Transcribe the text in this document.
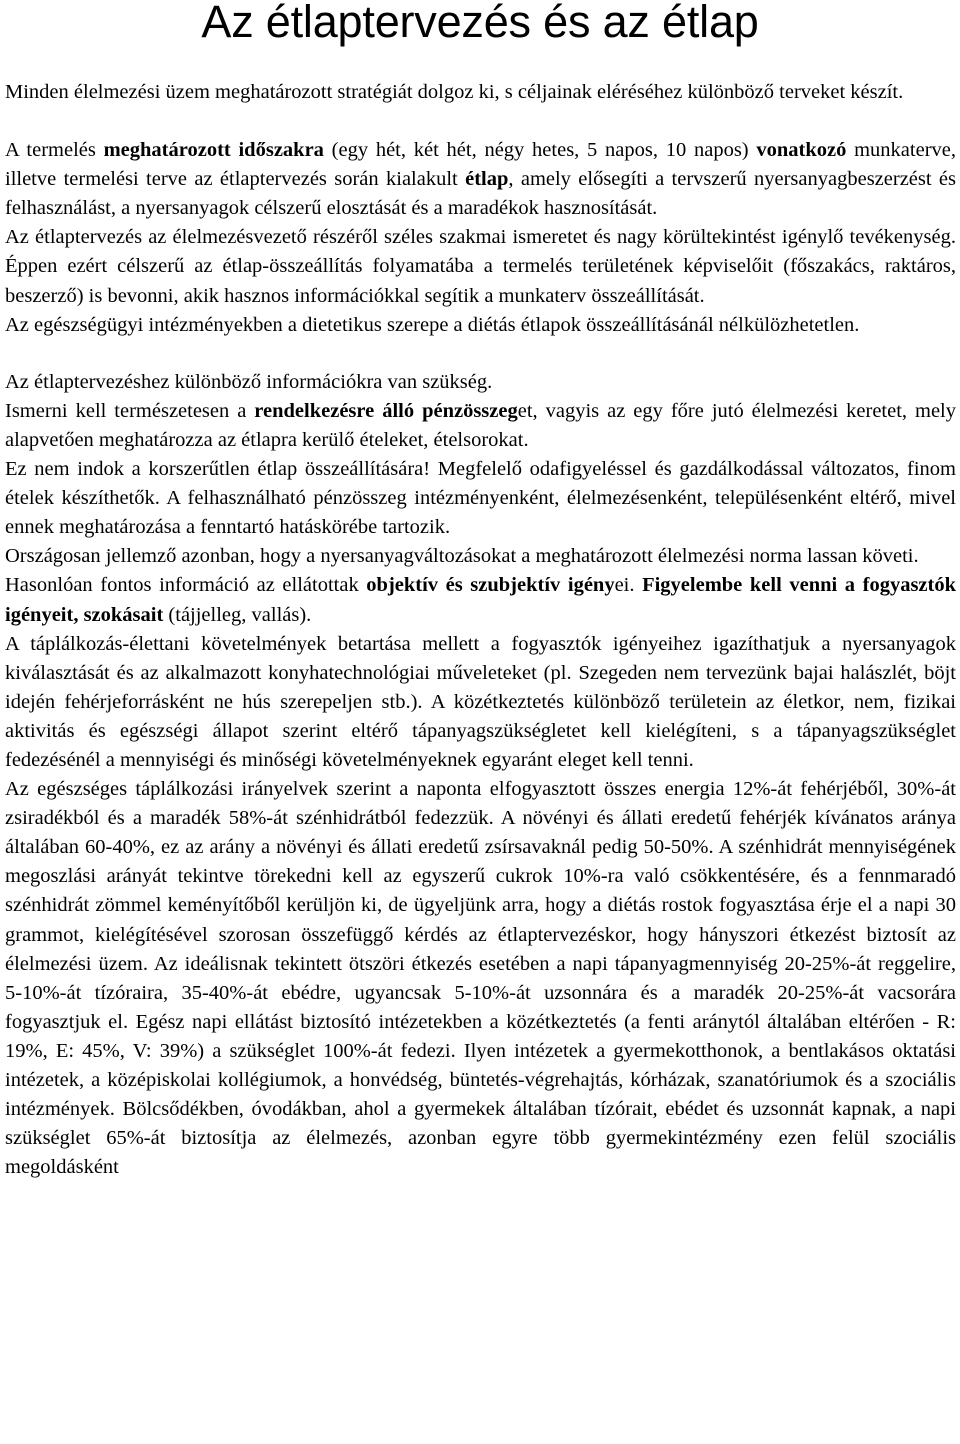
Az étlaptervezés és az étlap

Minden élelmezési üzem meghatározott stratégiát dolgoz ki, s céljainak eléréséhez különböző terveket készít.

A termelés meghatározott időszakra (egy hét, két hét, négy hetes, 5 napos, 10 napos) vonatkozó munkaterve, illetve termelési terve az étlaptervezés során kialakult étlap, amely elősegíti a tervszerű nyersanyagbeszerzést és felhasználást, a nyersanyagok célszerű elosztását és a maradékok hasznosítását.

Az étlaptervezés az élelmezésvezető részéről széles szakmai ismeretet és nagy körültekintést igénylő tevékenység. Éppen ezért célszerű az étlap-összeállítás folyamatába a termelés területének képviselőit (főszakács, raktáros, beszerző) is bevonni, akik hasznos információkkal segítik a munkaterv összeállítását.

Az egészségügyi intézményekben a dietetikus szerepe a diétás étlapok összeállításánál nélkülözhetetlen.

Az étlaptervezéshez különböző információkra van szükség.

Ismerni kell természetesen a rendelkezésre álló pénzösszeget, vagyis az egy főre jutó élelmezési keretet, mely alapvetően meghatározza az étlapra kerülő ételeket, ételsorokat.

Ez nem indok a korszerűtlen étlap összeállítására! Megfelelő odafigyeléssel és gazdálkodással változatos, finom ételek készíthetők. A felhasználható pénzösszeg intézményenként, élelmezésenként, településenként eltérő, mivel ennek meghatározása a fenntartó hatáskörébe tartozik.

Országosan jellemző azonban, hogy a nyersanyagváltozásokat a meghatározott élelmezési norma lassan követi.

Hasonlóan fontos információ az ellátottak objektív és szubjektív igényei. Figyelembe kell venni a fogyasztók igényeit, szokásait (tájjelleg, vallás).

A táplálkozás-élettani követelmények betartása mellett a fogyasztók igényeihez igazíthatjuk a nyersanyagok kiválasztását és az alkalmazott konyhatechnológiai műveleteket (pl. Szegeden nem tervezünk bajai halászlét, böjt idején fehérjeforrásként ne hús szerepeljen stb.). A közétkeztetés különböző területein az életkor, nem, fizikai aktivitás és egészségi állapot szerint eltérő tápanyagszükségletet kell kielégíteni, s a tápanyagszükséglet fedezésénél a mennyiségi és minőségi követelményeknek egyaránt eleget kell tenni.

Az egészséges táplálkozási irányelvek szerint a naponta elfogyasztott összes energia 12%-át fehérjéből, 30%-át zsiradékból és a maradék 58%-át szénhidrátból fedezzük. A növényi és állati eredetű fehérjék kívánatos aránya általában 60-40%, ez az arány a növényi és állati eredetű zsírsavaknál pedig 50-50%. A szénhidrát mennyiségének megoszlási arányát tekintve törekedni kell az egyszerű cukrok 10%-ra való csökkentésére, és a fennmaradó szénhidrát zömmel keményítőből kerüljön ki, de ügyeljünk arra, hogy a diétás rostok fogyasztása érje el a napi 30 grammot, kielégítésével szorosan összefüggő kérdés az étlaptervezéskor, hogy hányszori étkezést biztosít az élelmezési üzem. Az ideálisnak tekintett ötszöri étkezés esetében a napi tápanyagmennyiség 20-25%-át reggelire, 5-10%-át tízóraira, 35-40%-át ebédre, ugyancsak 5-10%-át uzsonnára és a maradék 20-25%-át vacsorára fogyasztjuk el. Egész napi ellátást biztosító intézetekben a közétkeztetés (a fenti aránytól általában eltérően - R: 19%, E: 45%, V: 39%) a szükséglet 100%-át fedezi. Ilyen intézetek a gyermekotthonok, a bentlakásos oktatási intézetek, a középiskolai kollégiumok, a honvédség, büntetés-végrehajtás, kórházak, szanatóriumok és a szociális intézmények. Bölcsődékben, óvodákban, ahol a gyermekek általában tízórait, ebédet és uzsonnát kapnak, a napi szükséglet 65%-át biztosítja az élelmezés, azonban egyre több gyermekintézmény ezen felül szociális megoldásként
